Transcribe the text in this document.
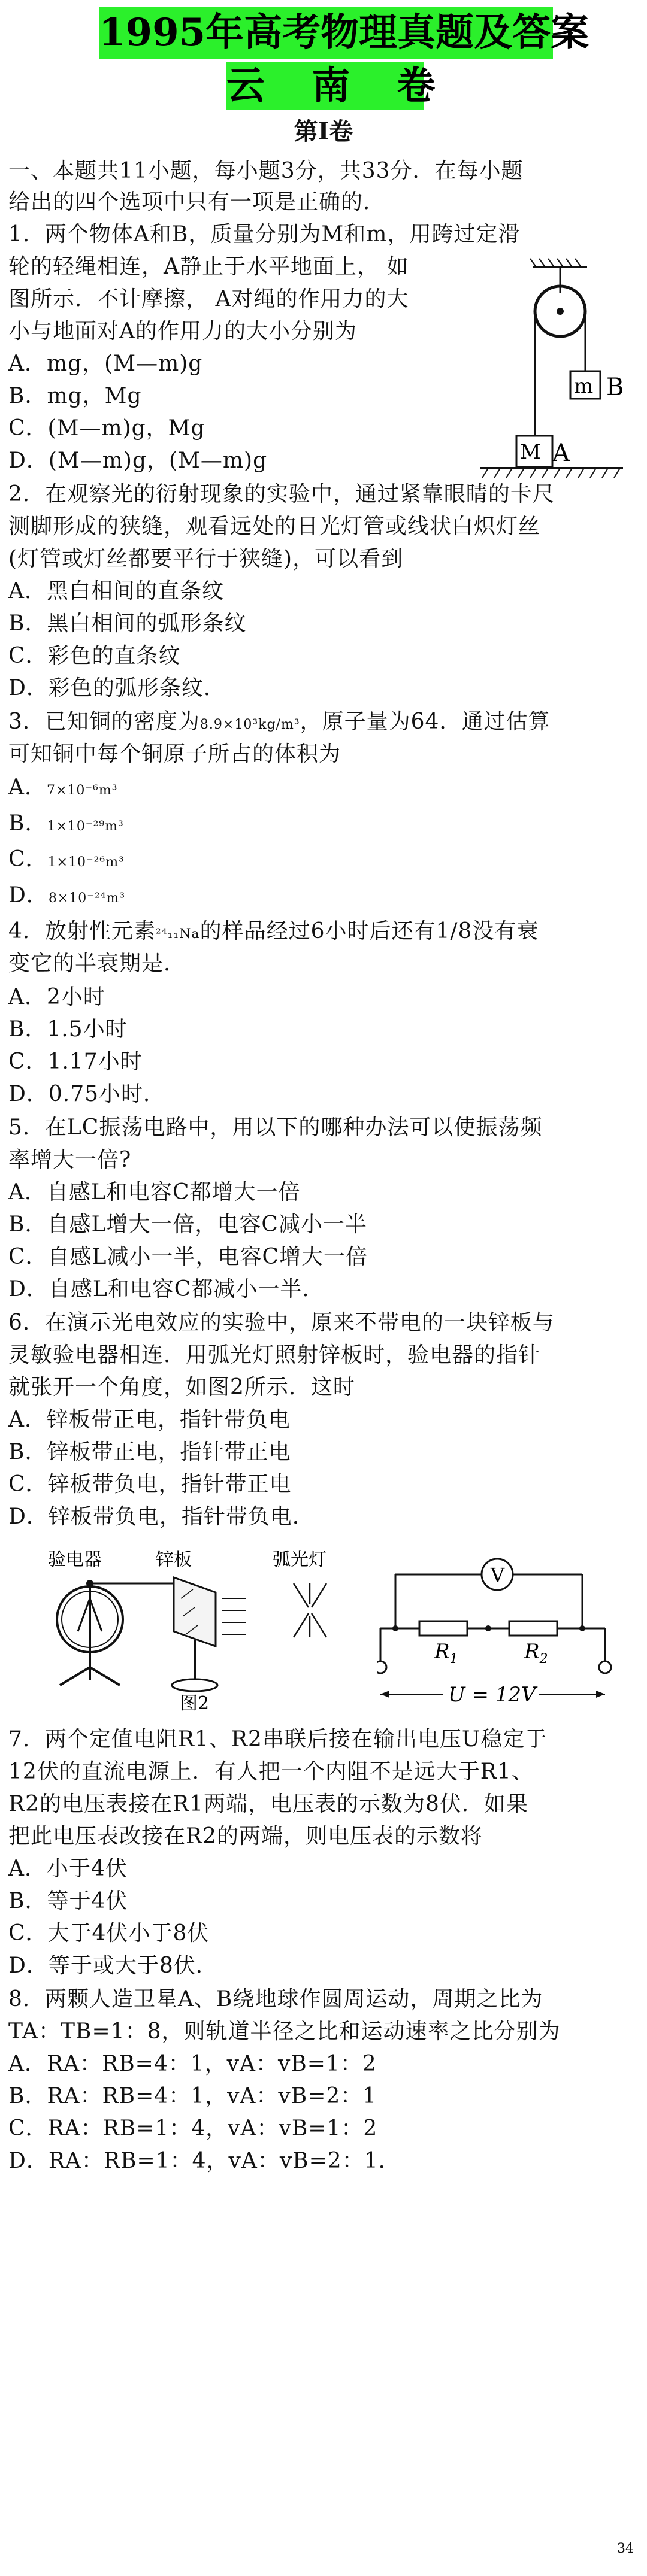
1995年高考物理真题及答案
云 南 卷
第Ⅰ卷
一、本题共11小题，每小题3分，共33分．在每小题
给出的四个选项中只有一项是正确的．
1．两个物体A和B，质量分别为M和m，用跨过定滑
轮的轻绳相连，A静止于水平地面上， 如
图所示．不计摩擦， A对绳的作用力的大
小与地面对A的作用力的大小分别为
A．mg，(M—m)g
B．mg，Mg
C．(M—m)g，Mg
D．(M—m)g，(M—m)g
m B
M A
2．在观察光的衍射现象的实验中，通过紧靠眼睛的卡尺
测脚形成的狭缝，观看远处的日光灯管或线状白炽灯丝
(灯管或灯丝都要平行于狭缝)，可以看到
A．黑白相间的直条纹
B．黑白相间的弧形条纹
C．彩色的直条纹
D．彩色的弧形条纹．
3．已知铜的密度为8.9×10³kg/m³，原子量为64．通过估算
可知铜中每个铜原子所占的体积为
A．7×10⁻⁶m³
B．1×10⁻²⁹m³
C．1×10⁻²⁶m³
D．8×10⁻²⁴m³
4．放射性元素²⁴₁₁Na的样品经过6小时后还有1/8没有衰
变它的半衰期是．
A．2小时
B．1.5小时
C．1.17小时
D．0.75小时．
5．在LC振荡电路中，用以下的哪种办法可以使振荡频
率增大一倍?
A．自感L和电容C都增大一倍
B．自感L增大一倍，电容C减小一半
C．自感L减小一半，电容C增大一倍
D．自感L和电容C都减小一半．
6．在演示光电效应的实验中，原来不带电的一块锌板与
灵敏验电器相连．用弧光灯照射锌板时，验电器的指针
就张开一个角度，如图2所示．这时
A．锌板带正电，指针带负电
B．锌板带正电，指针带正电
C．锌板带负电，指针带正电
D．锌板带负电，指针带负电．
验电器	锌板	弧光灯
图2
V
$R_1$	$R_2$
U = 12V
7．两个定值电阻R1、R2串联后接在输出电压U稳定于
12伏的直流电源上．有人把一个内阻不是远大于R1、
R2的电压表接在R1两端，电压表的示数为8伏．如果
把此电压表改接在R2的两端，则电压表的示数将
A．小于4伏
B．等于4伏
C．大于4伏小于8伏
D．等于或大于8伏．
8．两颗人造卫星A、B绕地球作圆周运动，周期之比为
TA：TB=1：8，则轨道半径之比和运动速率之比分别为
A．RA：RB=4：1，vA：vB=1：2
B．RA：RB=4：1，vA：vB=2：1
C．RA：RB=1：4，vA：vB=1：2
D．RA：RB=1：4，vA：vB=2：1．
34
